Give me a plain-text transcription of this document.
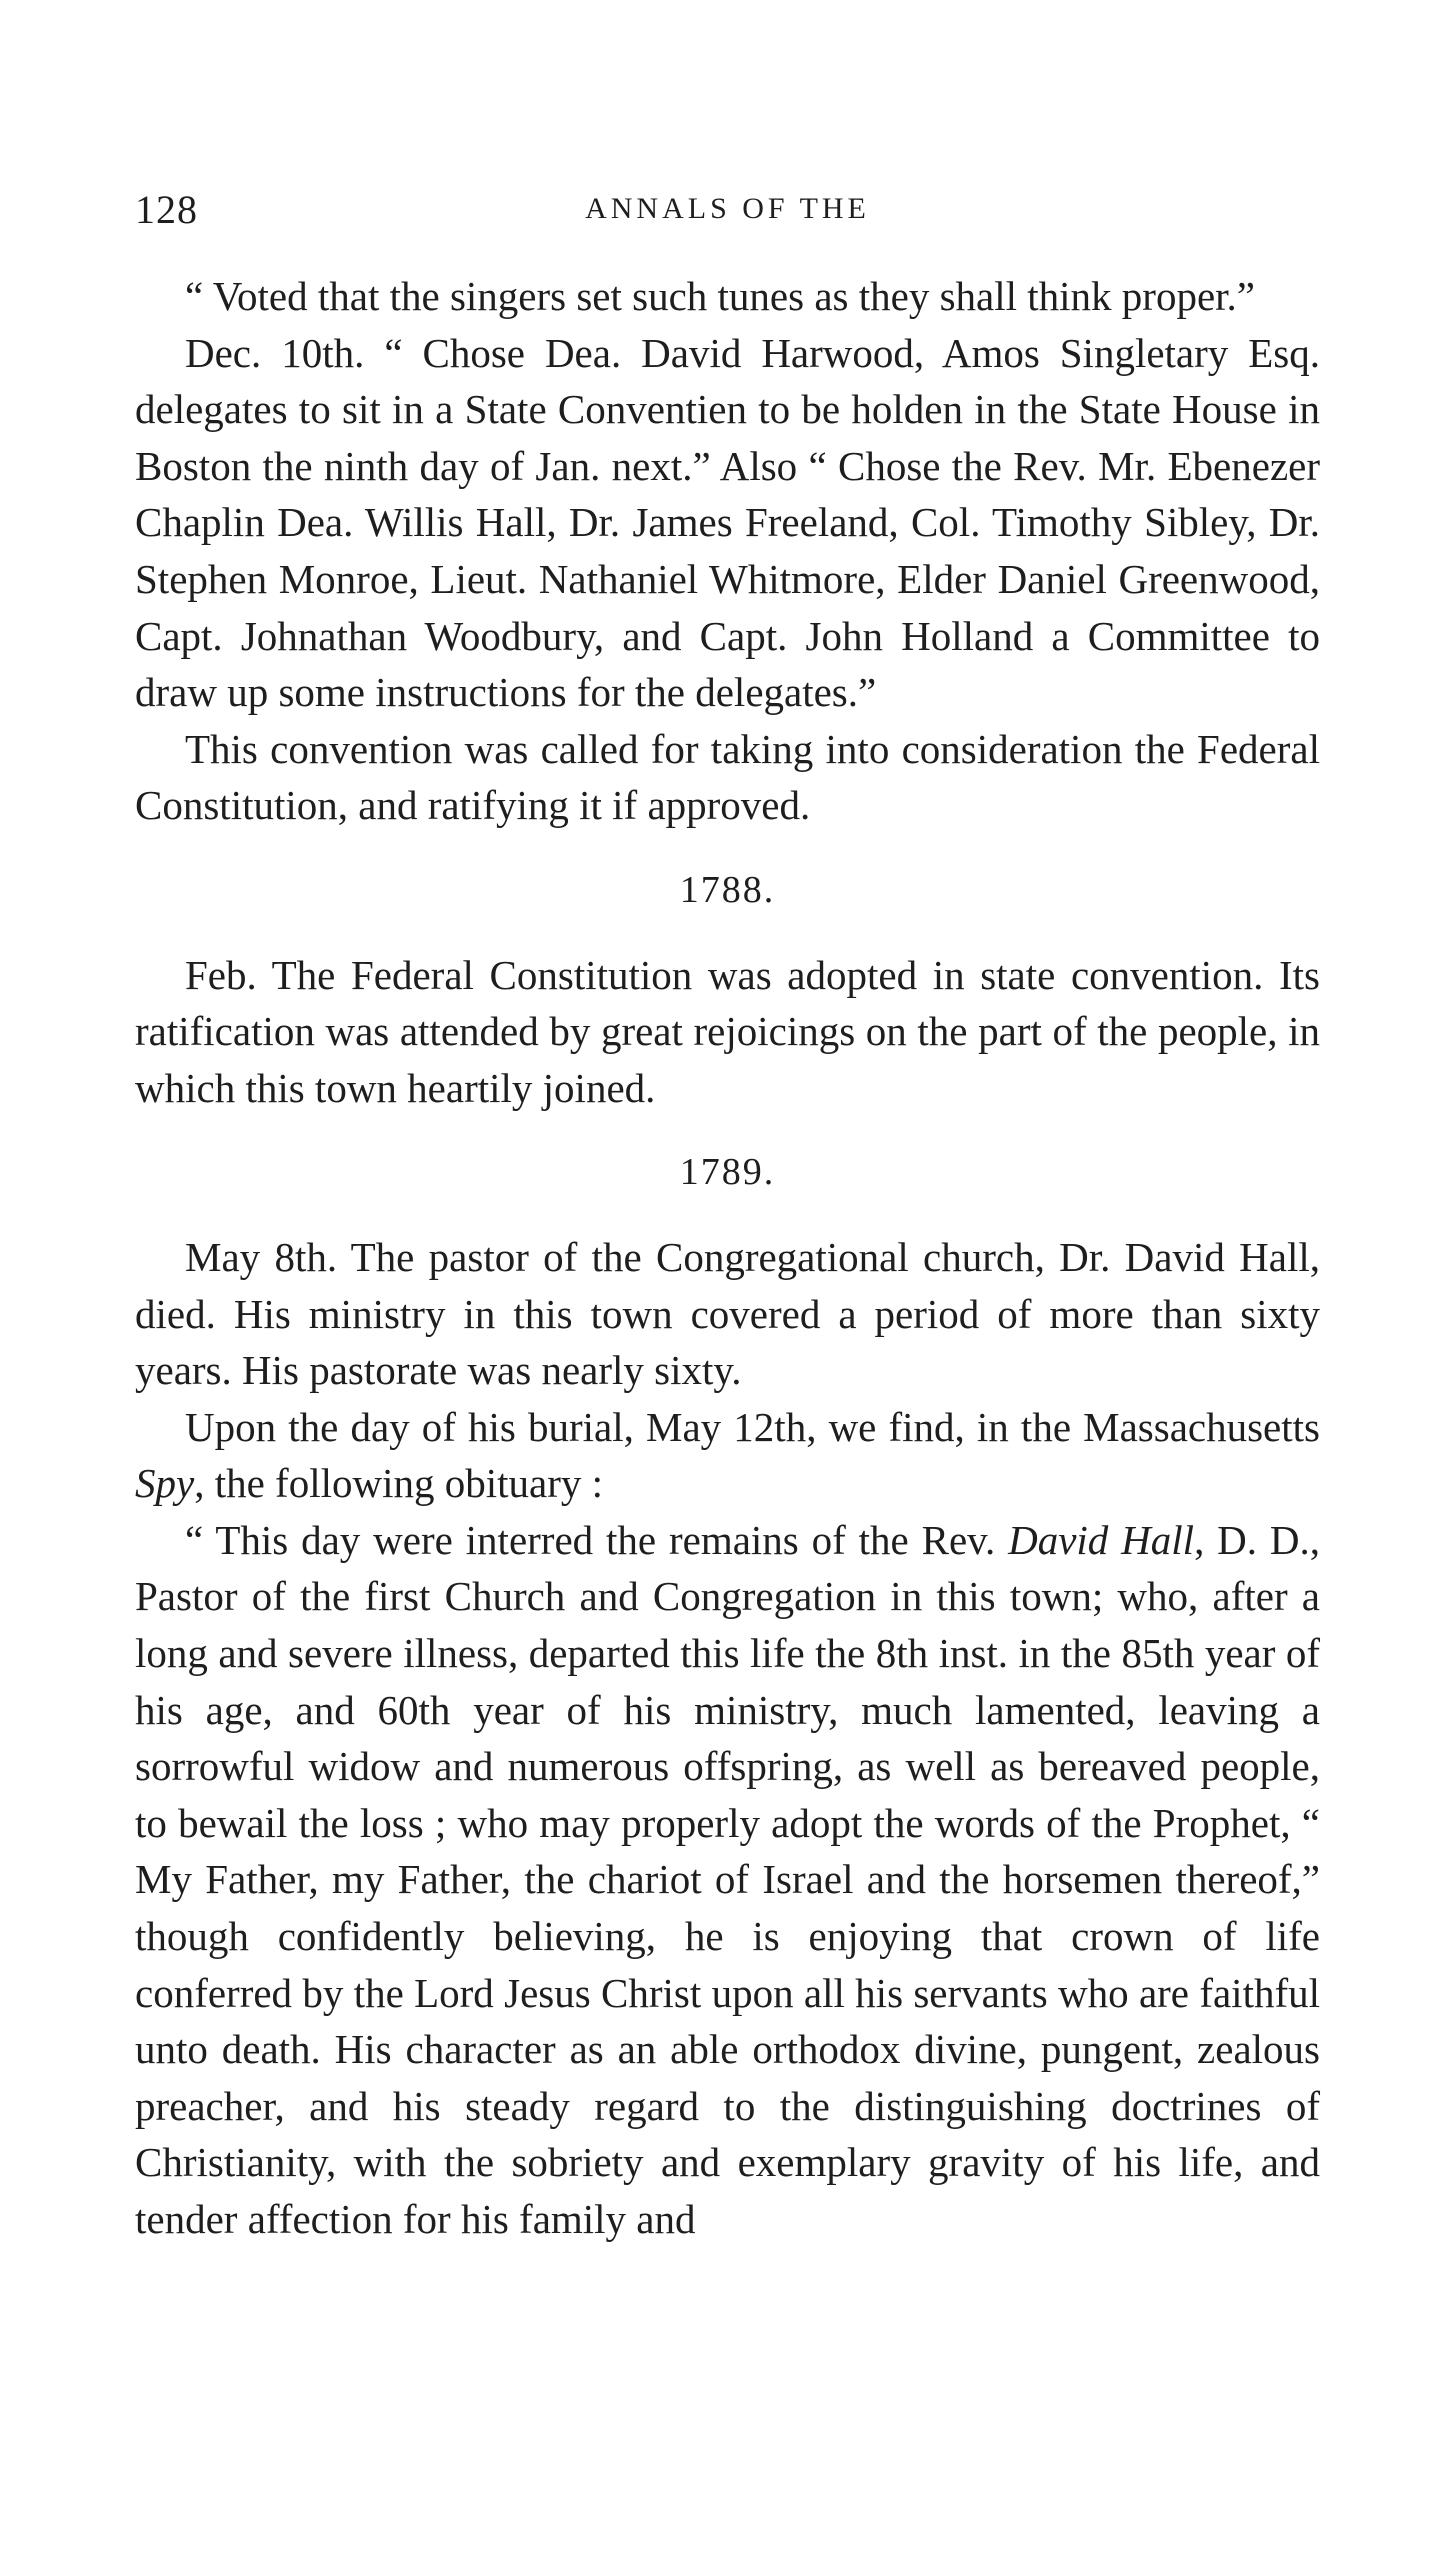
128	ANNALS OF THE

“ Voted that the singers set such tunes as they shall think proper.”

Dec. 10th. “ Chose Dea. David Harwood, Amos Singletary Esq. delegates to sit in a State Conventien to be holden in the State House in Boston the ninth day of Jan. next.” Also “ Chose the Rev. Mr. Ebenezer Chaplin Dea. Willis Hall, Dr. James Freeland, Col. Timothy Sibley, Dr. Stephen Monroe, Lieut. Nathaniel Whitmore, Elder Daniel Greenwood, Capt. Johnathan Woodbury, and Capt. John Holland a Committee to draw up some instructions for the delegates.”

This convention was called for taking into consideration the Federal Constitution, and ratifying it if approved.

1788.

Feb. The Federal Constitution was adopted in state convention. Its ratification was attended by great rejoicings on the part of the people, in which this town heartily joined.

1789.

May 8th. The pastor of the Congregational church, Dr. David Hall, died. His ministry in this town covered a period of more than sixty years. His pastorate was nearly sixty.

Upon the day of his burial, May 12th, we find, in the Massachusetts Spy, the following obituary :

“ This day were interred the remains of the Rev. David Hall, D. D., Pastor of the first Church and Congregation in this town; who, after a long and severe illness, departed this life the 8th inst. in the 85th year of his age, and 60th year of his ministry, much lamented, leaving a sorrowful widow and numerous offspring, as well as bereaved people, to bewail the loss ; who may properly adopt the words of the Prophet, “ My Father, my Father, the chariot of Israel and the horsemen thereof,” though confidently believing, he is enjoying that crown of life conferred by the Lord Jesus Christ upon all his servants who are faithful unto death. His character as an able orthodox divine, pungent, zealous preacher, and his steady regard to the distinguishing doctrines of Christianity, with the sobriety and exemplary gravity of his life, and tender affection for his family and
